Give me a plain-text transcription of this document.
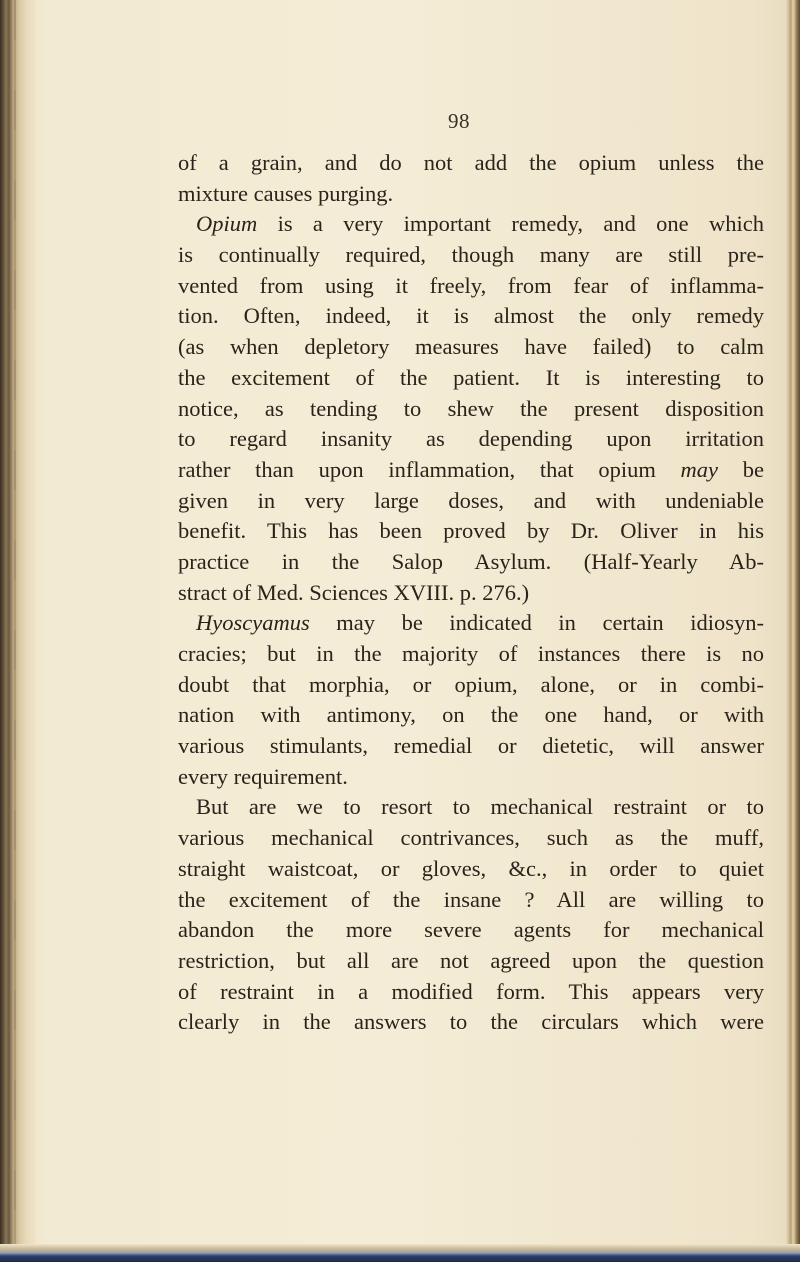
98
of a grain, and do not add the opium unless the
mixture causes purging.
Opium is a very important remedy, and one which
is continually required, though many are still pre-
vented from using it freely, from fear of inflamma-
tion. Often, indeed, it is almost the only remedy
(as when depletory measures have failed) to calm
the excitement of the patient. It is interesting to
notice, as tending to shew the present disposition
to regard insanity as depending upon irritation
rather than upon inflammation, that opium may be
given in very large doses, and with undeniable
benefit. This has been proved by Dr. Oliver in his
practice in the Salop Asylum. (Half-Yearly Ab-
stract of Med. Sciences XVIII. p. 276.)
Hyoscyamus may be indicated in certain idiosyn-
cracies; but in the majority of instances there is no
doubt that morphia, or opium, alone, or in combi-
nation with antimony, on the one hand, or with
various stimulants, remedial or dietetic, will answer
every requirement.
But are we to resort to mechanical restraint or to
various mechanical contrivances, such as the muff,
straight waistcoat, or gloves, &c., in order to quiet
the excitement of the insane ? All are willing to
abandon the more severe agents for mechanical
restriction, but all are not agreed upon the question
of restraint in a modified form. This appears very
clearly in the answers to the circulars which were
